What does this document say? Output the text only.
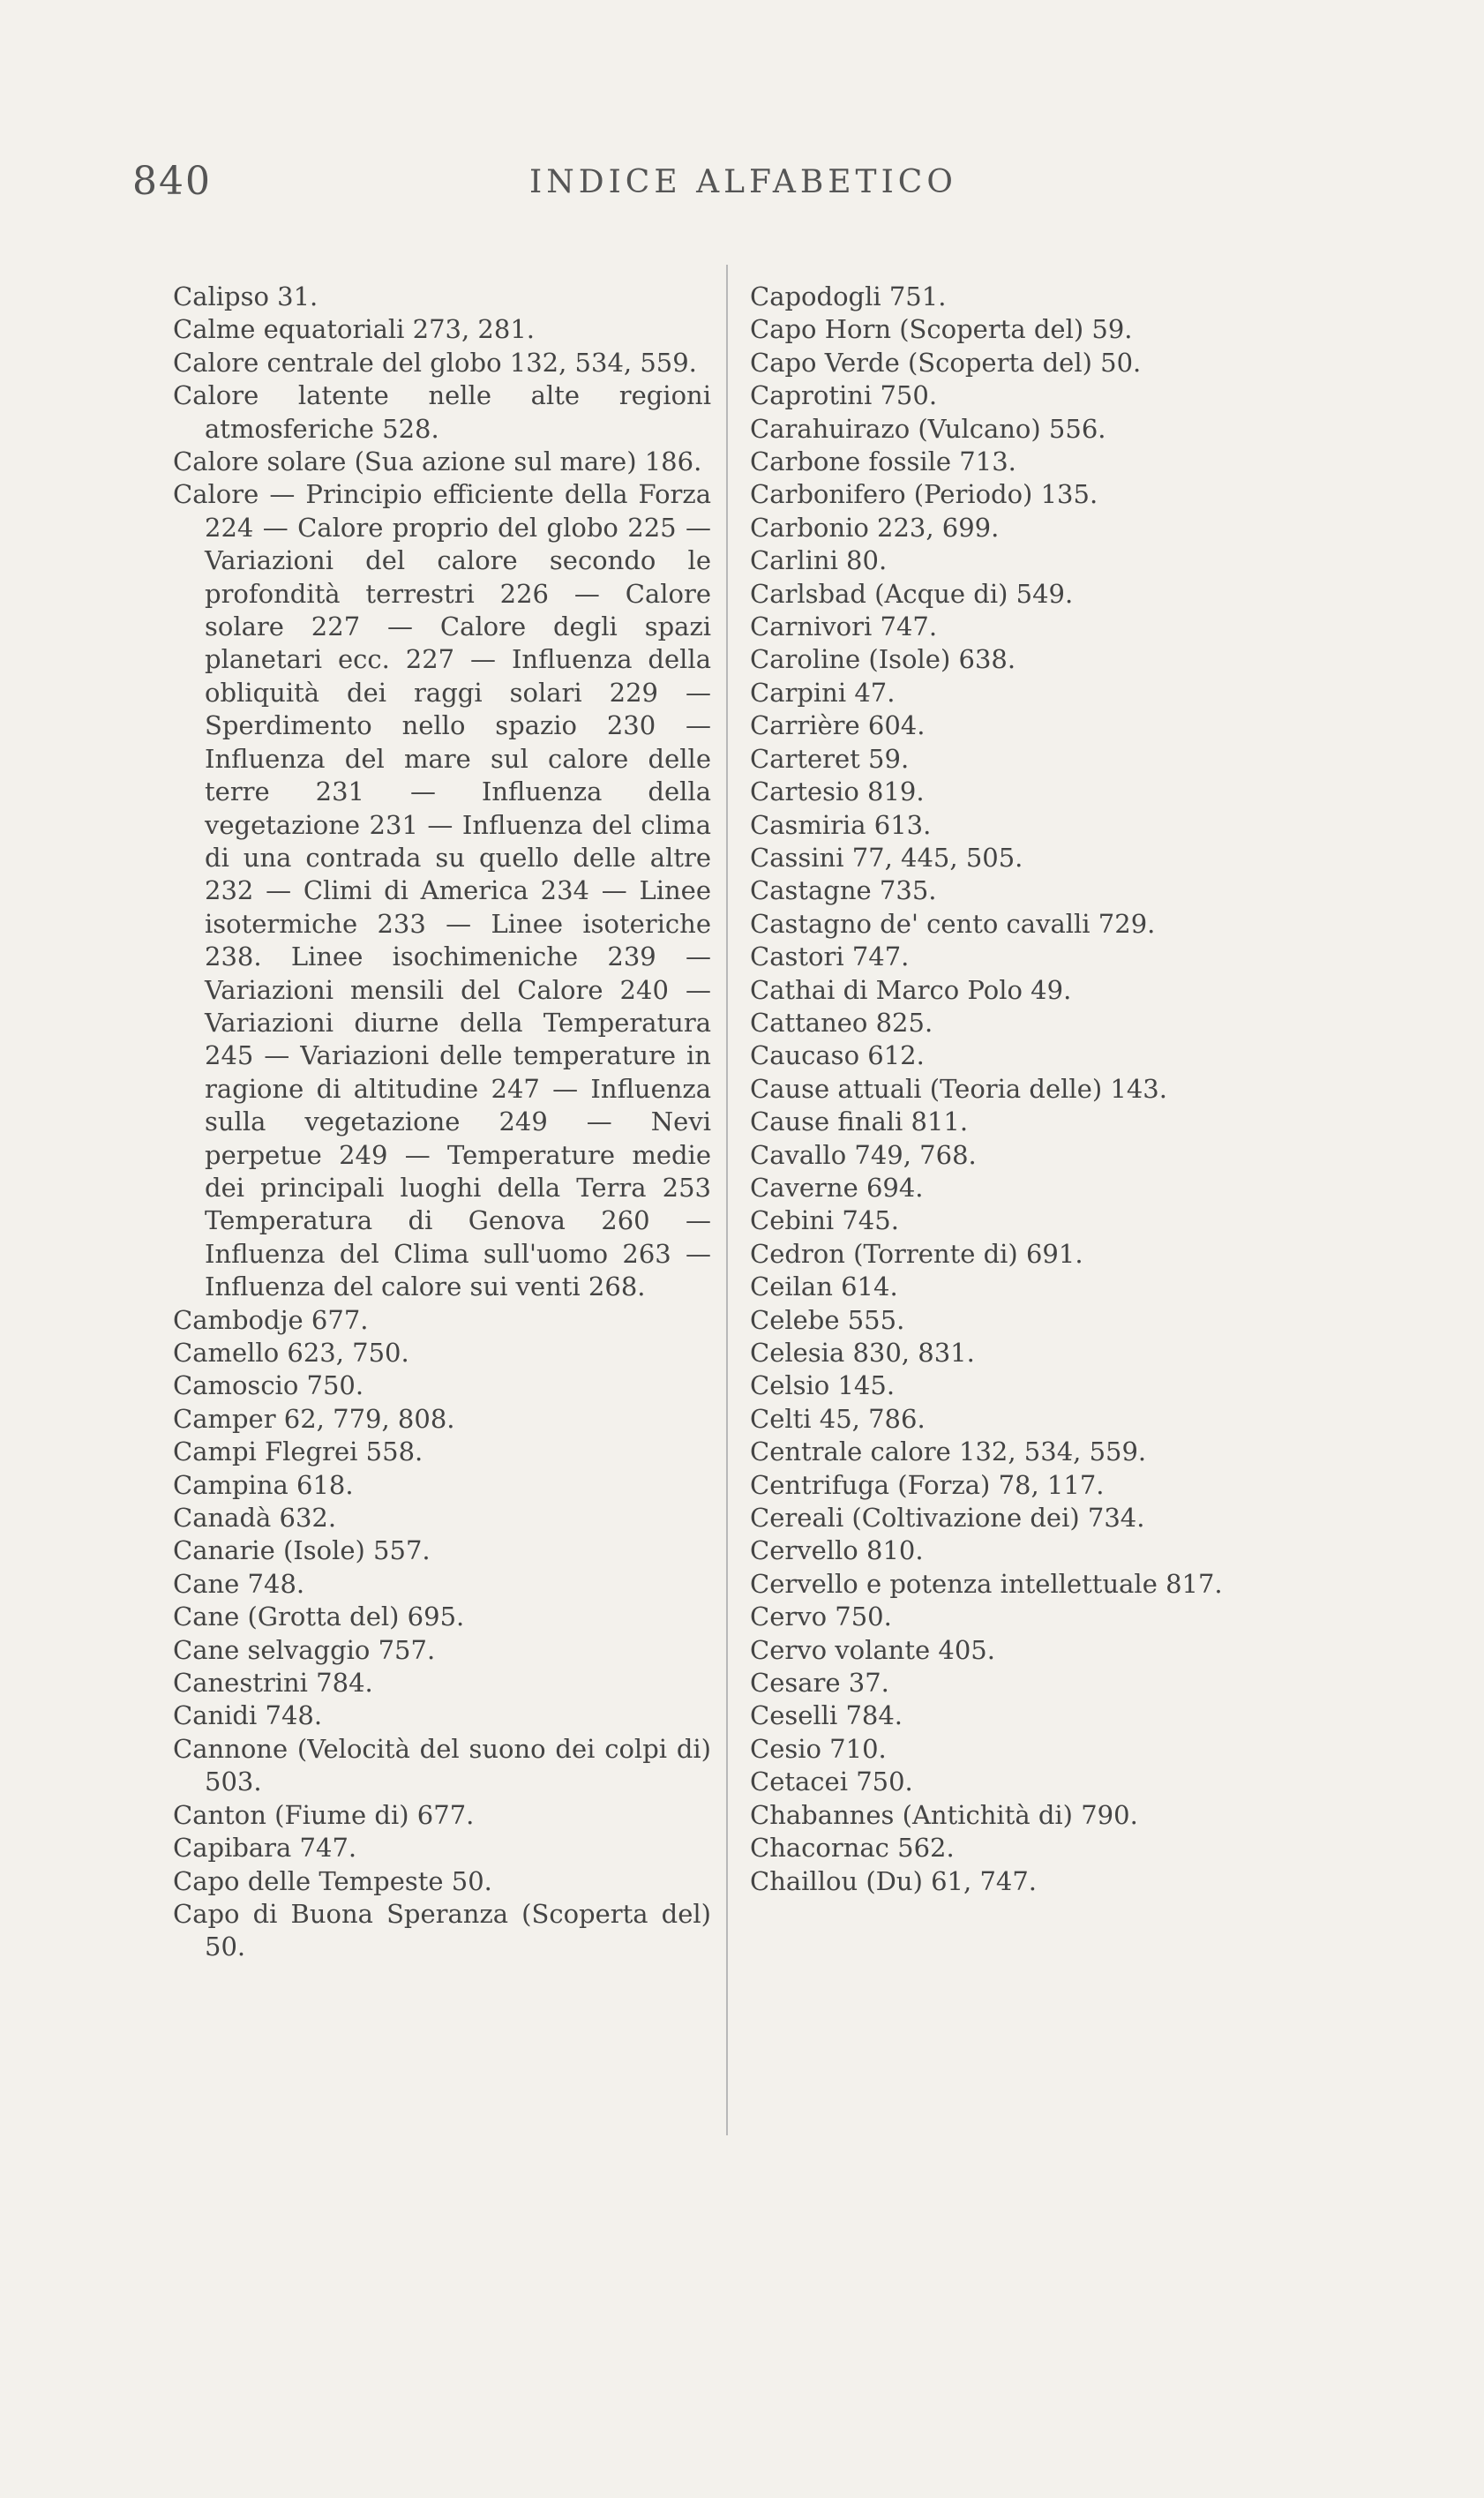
840	INDICE ALFABETICO

Calipso 31.

Calme equatoriali 273, 281.

Calore centrale del globo 132, 534, 559.

Calore latente nelle alte regioni atmosferiche 528.

Calore solare (Sua azione sul mare) 186.

Calore — Principio efficiente della Forza 224 — Calore proprio del globo 225 — Variazioni del calore secondo le profondità terrestri 226 — Calore solare 227 — Calore degli spazi planetari ecc. 227 — Influenza della obliquità dei raggi solari 229 — Sperdimento nello spazio 230 — Influenza del mare sul calore delle terre 231 — Influenza della vegetazione 231 — Influenza del clima di una contrada su quello delle altre 232 — Climi di America 234 — Linee isotermiche 233 — Linee isoteriche 238. Linee isochimeniche 239 — Variazioni mensili del Calore 240 — Variazioni diurne della Temperatura 245 — Variazioni delle temperature in ragione di altitudine 247 — Influenza sulla vegetazione 249 — Nevi perpetue 249 — Temperature medie dei principali luoghi della Terra 253 Temperatura di Genova 260 — Influenza del Clima sull'uomo 263 — Influenza del calore sui venti 268.

Cambodje 677.

Camello 623, 750.

Camoscio 750.

Camper 62, 779, 808.

Campi Flegrei 558.

Campina 618.

Canadà 632.

Canarie (Isole) 557.

Cane 748.

Cane (Grotta del) 695.

Cane selvaggio 757.

Canestrini 784.

Canidi 748.

Cannone (Velocità del suono dei colpi di) 503.

Canton (Fiume di) 677.

Capibara 747.

Capo delle Tempeste 50.

Capo di Buona Speranza (Scoperta del) 50.

Capodogli 751.

Capo Horn (Scoperta del) 59.

Capo Verde (Scoperta del) 50.

Caprotini 750.

Carahuirazo (Vulcano) 556.

Carbone fossile 713.

Carbonifero (Periodo) 135.

Carbonio 223, 699.

Carlini 80.

Carlsbad (Acque di) 549.

Carnivori 747.

Caroline (Isole) 638.

Carpini 47.

Carrière 604.

Carteret 59.

Cartesio 819.

Casmiria 613.

Cassini 77, 445, 505.

Castagne 735.

Castagno de' cento cavalli 729.

Castori 747.

Cathai di Marco Polo 49.

Cattaneo 825.

Caucaso 612.

Cause attuali (Teoria delle) 143.

Cause finali 811.

Cavallo 749, 768.

Caverne 694.

Cebini 745.

Cedron (Torrente di) 691.

Ceilan 614.

Celebe 555.

Celesia 830, 831.

Celsio 145.

Celti 45, 786.

Centrale calore 132, 534, 559.

Centrifuga (Forza) 78, 117.

Cereali (Coltivazione dei) 734.

Cervello 810.

Cervello e potenza intellettuale 817.

Cervo 750.

Cervo volante 405.

Cesare 37.

Ceselli 784.

Cesio 710.

Cetacei 750.

Chabannes (Antichità di) 790.

Chacornac 562.

Chaillou (Du) 61, 747.
